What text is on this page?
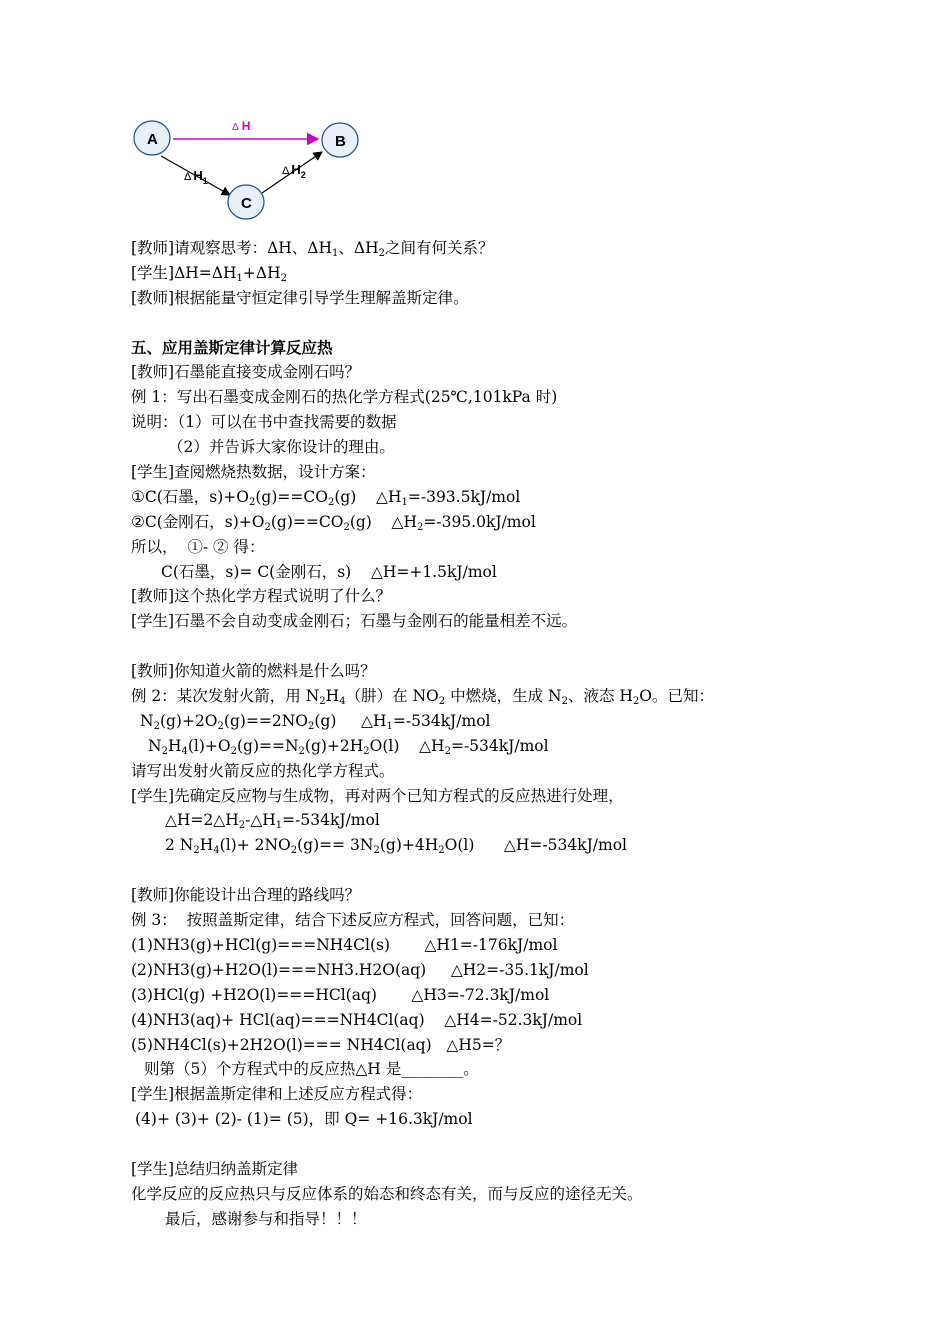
A	B
C
Δ H
Δ $H_1$
Δ $H_2$
[教师]请观察思考：ΔH、$\Delta H_1$、$\Delta H_2$之间有何关系？
[学生]$\Delta H=\Delta H_1+\Delta H_2$
[教师]根据能量守恒定律引导学生理解盖斯定律。
五、应用盖斯定律计算反应热
[教师]石墨能直接变成金刚石吗？
例 1：写出石墨变成金刚石的热化学方程式(25℃,101kPa 时)
说明：（1）可以在书中查找需要的数据
（2）并告诉大家你设计的理由。
[学生]查阅燃烧热数据，设计方案：
①C(石墨，$s)+O_2(g)==CO_2(g)$    $\triangle H_1=-393.5kJ$/mol
②C(金刚石，$s)+O_2(g)==CO_2(g)$    $\triangle H_2=-395.0kJ$/mol
所以，  ①- ② 得：
C(石墨，s)= C(金刚石，s)    △H=+1.5kJ/mol
[教师]这个热化学方程式说明了什么？
[学生]石墨不会自动变成金刚石；石墨与金刚石的能量相差不远。
[教师]你知道火箭的燃料是什么吗？
例 2：某次发射火箭，用 $N_2H_4$（肼）在 $NO_2$ 中燃烧，生成 $N_2$、液态 $H_2O$。已知：
$N_2(g)+2O_2(g)==2NO_2(g)$     $\triangle H_1=-534kJ$/mol
$N_2H_4(l)+O_2(g)==N_2(g)+2H_2O(l)$    $\triangle H_2=-534kJ$/mol
请写出发射火箭反应的热化学方程式。
[学生]先确定反应物与生成物，再对两个已知方程式的反应热进行处理，
$\triangle H=2\triangle H_2-\triangle H_1=-534kJ$/mol
2 $N_2H_4(l)+ 2NO_2(g)== 3N_2(g)+4H_2O(l)$      △H=-534kJ/mol
[教师]你能设计出合理的路线吗？
例 3：  按照盖斯定律，结合下述反应方程式，回答问题，已知：
(1)NH3(g)+HCl(g)===NH4Cl(s)       △H1=-176kJ/mol
(2)NH3(g)+H2O(l)===NH3.H2O(aq)     △H2=-35.1kJ/mol
(3)HCl(g) +H2O(l)===HCl(aq)       △H3=-72.3kJ/mol
(4)NH3(aq)+ HCl(aq)===NH4Cl(aq)    △H4=-52.3kJ/mol
(5)NH4Cl(s)+2H2O(l)=== NH4Cl(aq)   △H5=？
则第（5）个方程式中的反应热△H 是________。
[学生]根据盖斯定律和上述反应方程式得：
(4)+ (3)+ (2)- (1)= (5)，即 Q= +16.3kJ/mol
[学生]总结归纳盖斯定律
化学反应的反应热只与反应体系的始态和终态有关，而与反应的途径无关。
最后，感谢参与和指导！！！
